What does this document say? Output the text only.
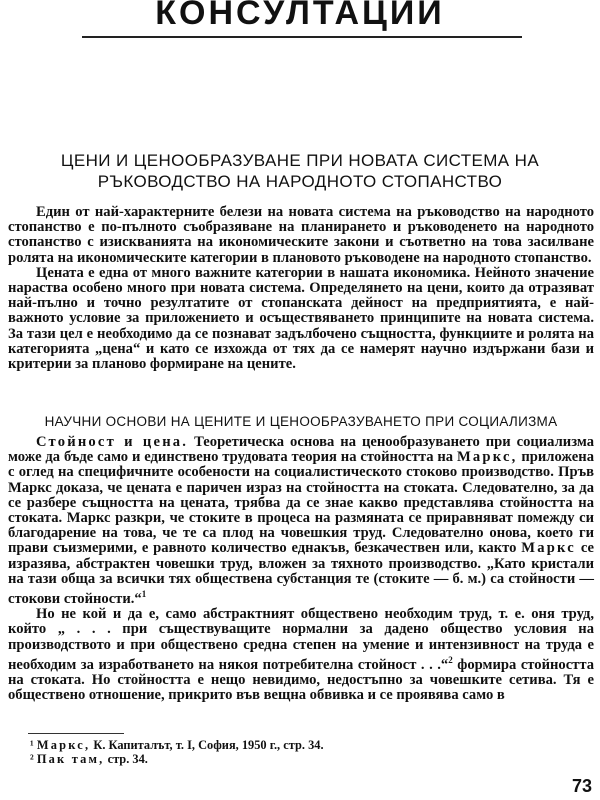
КОНСУЛТАЦИИ
ЦЕНИ И ЦЕНООБРАЗУВАНЕ ПРИ НОВАТА СИСТЕМА НА
РЪКОВОДСТВО НА НАРОДНОТО СТОПАНСТВО

Един от най-характерните белези на новата система на ръководство на народното стопанство е по-пълното съобразяване на планирането и ръководенето на народното стопанство с изискванията на икономическите закони и съответно на това засилване ролята на икономическите категории в плановото ръководене на народното стопанство.

Цената е една от много важните категории в нашата икономика. Нейното значение нараства особено много при новата система. Определянето на цени, които да отразяват най-пълно и точно резултатите от стопанската дейност на предприятията, е най-важното условие за приложението и осъществяването принципите на новата система. За тази цел е необходимо да се познават задълбочено същността, функциите и ролята на категорията „цена“ и като се изхожда от тях да се намерят научно издържани бази и критерии за планово формиране на цените.

НАУЧНИ ОСНОВИ НА ЦЕНИТЕ И ЦЕНООБРАЗУВАНЕТО ПРИ СОЦИАЛИЗМА

Стойност и цена. Теоретическа основа на ценообразуването при социализма може да бъде само и единствено трудовата теория на стойността на Маркс, приложена с оглед на специфичните особености на социалистическото стоково производство. Пръв Маркс доказа, че цената е паричен израз на стойността на стоката. Следователно, за да се разбере същността на цената, трябва да се знае какво представлява стойността на стоката. Маркс разкри, че стоките в процеса на размяната се приравняват помежду си благодарение на това, че те са плод на човешкия труд. Следователно онова, което ги прави съизмерими, е равното количество еднакъв, безкачествен или, както Маркс се изразява, абстрактен човешки труд, вложен за тяхното производство. „Като кристали на тази обща за всички тях обществена субстанция те (стоките — б. м.) са стойности — стокови стойности.“$^1$

Но не кой и да е, само абстрактният обществено необходим труд, т. е. оня труд, който „ . . . при съществуващите нормални за дадено общество условия на производството и при обществено средна степен на умение и интензивност на труда е необходим за изработването на някоя потребителна стойност . . .“$^2$ формира стойността на стоката. Но стойността е нещо невидимо, недостъпно за човешките сетива. Тя е обществено отношение, прикрито във вещна обвивка и се проявява само в

¹ Маркс, К. Капиталът, т. I, София, 1950 г., стр. 34.
² Пак там, стр. 34.
73
